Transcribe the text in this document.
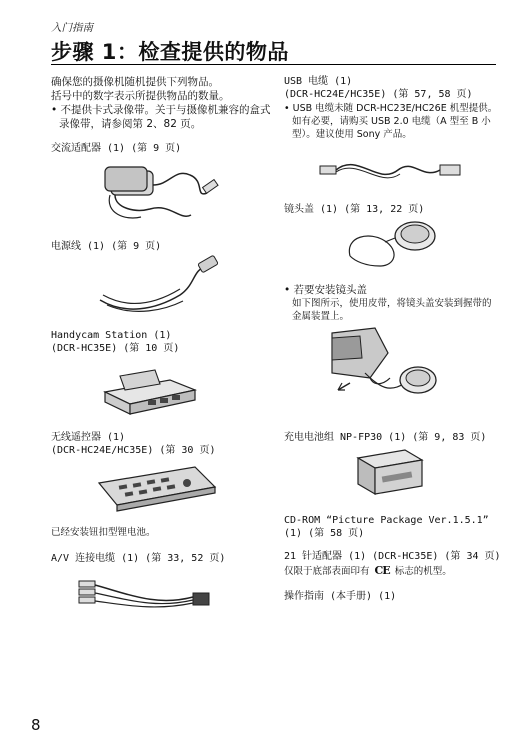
入门指南
步骤 1：检查提供的物品
确保您的摄像机随机提供下列物品。
括号中的数字表示所提供物品的数量。
• 不提供卡式录像带。关于与摄像机兼容的盒式录像带，请参阅第 2、82 页。
交流适配器 (1) (第 9 页)
电源线 (1) (第 9 页)
Handycam Station (1)
(DCR-HC35E) (第 10 页)
无线遥控器 (1)
(DCR-HC24E/HC35E) (第 30 页)
已经安装钮扣型锂电池。
A/V 连接电缆 (1) (第 33, 52 页)
USB 电缆 (1)
(DCR-HC24E/HC35E) (第 57, 58 页)
• USB 电缆未随 DCR-HC23E/HC26E 机型提供。如有必要，请购买 USB 2.0 电缆（A 型至 B 小型）。建议使用 Sony 产品。
镜头盖 (1) (第 13, 22 页)
• 若要安装镜头盖
如下图所示，使用皮带，将镜头盖安装到握带的金属装置上。
充电电池组 NP-FP30 (1) (第 9, 83 页)
CD-ROM “Picture Package Ver.1.5.1”
(1) (第 58 页)
21 针适配器 (1) (DCR-HC35E) (第 34 页)
仅限于底部表面印有 CE 标志的机型。
操作指南 (本手册) (1)
8
